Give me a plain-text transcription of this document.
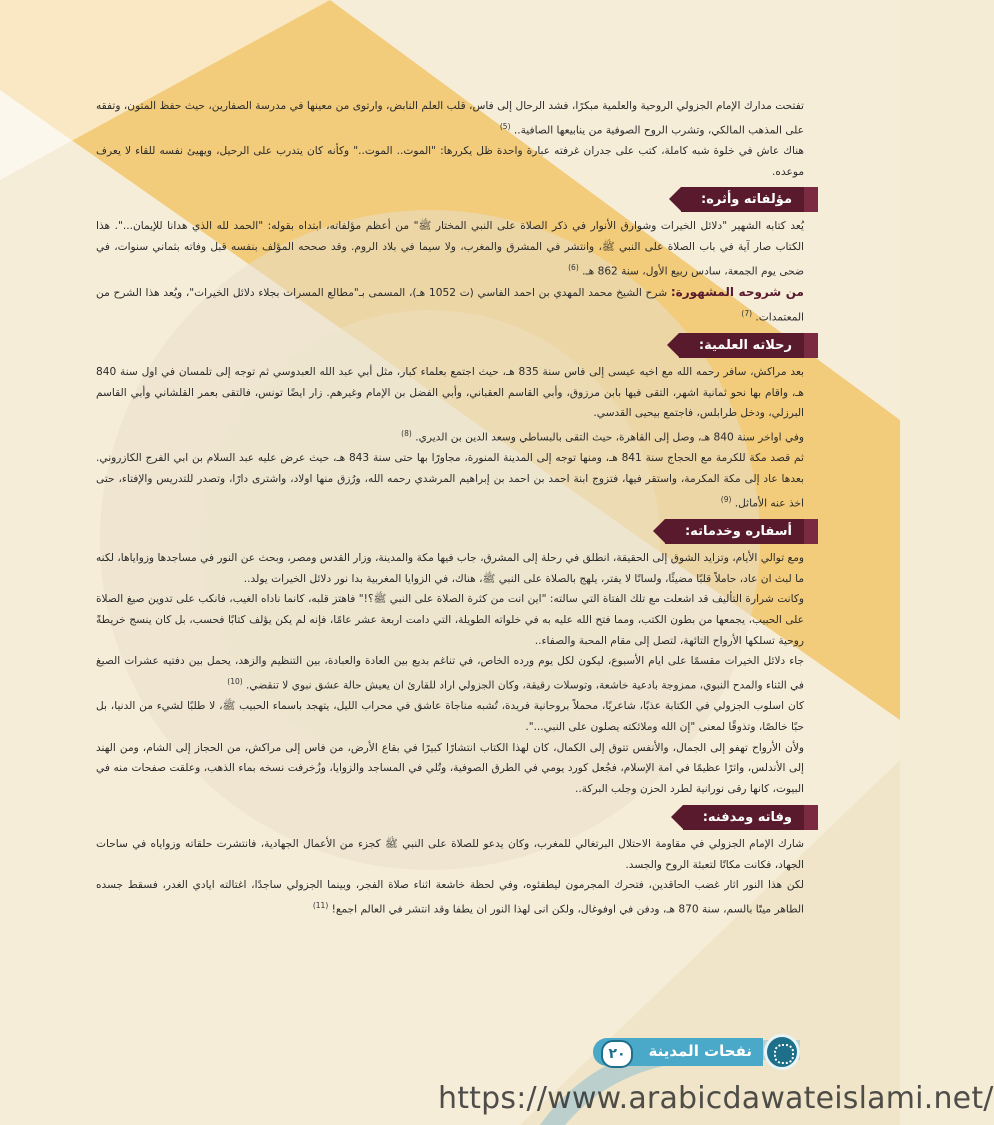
تفتحت مدارك الإمام الجزولي الروحية والعلمية مبكرًا، فشد الرحال إلى فاس، قلب العلم النابض، وارتوى من معينها في مدرسة الصفارين، حيث حفظ المتون، وتفقه على المذهب المالكي، وتشرب الروح الصوفية من ينابيعها الصافية.. $^{(5)}$

هناك عاش في خلوة شبه كاملة، كتب على جدران غرفته عبارة واحدة ظل يكررها: "الموت.. الموت.." وكأنه كان يتدرب على الرحيل، ويهيئ نفسه للقاء لا يعرف موعده.

مؤلفاته وأثره:

يُعد كتابه الشهير "دلائل الخيرات وشوارق الأنوار في ذكر الصلاة على النبي المختار ﷺ" من أعظم مؤلفاته، ابتداه بقوله: "الحمد لله الذي هدانا للإيمان...". هذا الكتاب صار آية في باب الصلاة على النبي ﷺ، وانتشر في المشرق والمغرب، ولا سيما في بلاد الروم. وقد صححه المؤلف بنفسه قبل وفاته بثماني سنوات، في ضحى يوم الجمعة، سادس ربيع الأول، سنة 862 هـ. $^{(6)}$

من شروحه المشهورة: شرح الشيخ محمد المهدي بن احمد الفاسي (ت 1052 هـ)، المسمى بـ"مطالع المسرات بجلاء دلائل الخيرات"، ويُعد هذا الشرح من المعتمدات. $^{(7)}$

رحلاته العلمية:

بعد مراكش، سافر رحمه الله مع اخيه عيسى إلى فاس سنة 835 هـ، حيث اجتمع بعلماء كبار، مثل أبي عبد الله العبدوسي ثم توجه إلى تلمسان في اول سنة 840 هـ، واقام بها نحو ثمانية اشهر، التقى فيها بابن مرزوق، وأبي القاسم العقباني، وأبي الفضل بن الإمام وغيرهم. زار ايضًا تونس، فالتقى بعمر القلشاني وأبي القاسم البرزلي، ودخل طرابلس، فاجتمع بيحيى القدسي.

وفي اواخر سنة 840 هـ، وصل إلى القاهرة، حيث التقى بالبساطي وسعد الدين بن الديري. $^{(8)}$

ثم قصد مكة للكرمة مع الحجاج سنة 841 هـ، ومنها توجه إلى المدينة المنورة، مجاورًا بها حتى سنة 843 هـ، حيث عرض عليه عبد السلام بن ابي الفرج الكازروني. بعدها عاد إلى مكة المكرمة، واستقر فيها، فتزوج ابنة احمد بن احمد بن إبراهيم المرشدي رحمه الله، ورُزق منها اولاد، واشترى دارًا، وتصدر للتدريس والإفتاء، حتى اخذ عنه الأماثل. $^{(9)}$

أسفاره وخدماته:

ومع توالي الأيام، وتزايد الشوق إلى الحقيقة، انطلق في رحلة إلى المشرق، جاب فيها مكة والمدينة، وزار القدس ومصر، وبحث عن النور في مساجدها وزواياها، لكنه ما لبث ان عاد، حاملاً قلبًا مضيئًا، ولسانًا لا يفتر، يلهج بالصلاة على النبي ﷺ، هناك، في الزوايا المغربية بدا نور دلائل الخيرات يولد..

وكانت شرارة التأليف قد اشعلت مع تلك الفتاة التي سالته: "اين انت من كثرة الصلاة على النبي ﷺ؟!" فاهتز قلبه، كانما ناداه الغيب، فانكب على تدوين صيغ الصلاة على الحبيب، يجمعها من بطون الكتب، ومما فتح الله عليه به في خلواته الطويلة، التي دامت اربعة عشر عامًا، فإنه لم يكن يؤلف كتابًا فحسب، بل كان ينسج خريطةً روحية تسلكها الأرواح التائهة، لتصل إلى مقام المحبة والصفاء..

جاء دلائل الخيرات مقسمًا على ايام الأسبوع، ليكون لكل يوم ورده الخاص، في تناغم بديع بين العادة والعبادة، بين التنظيم والزهد، يحمل بين دفتيه عشرات الصيغ في الثناء والمدح النبوي، ممزوجة بادعية خاشعة، وتوسلات رقيقة، وكان الجزولي اراد للقارئ ان يعيش حالة عشق نبوي لا تنقضي. $^{(10)}$

كان اسلوب الجزولي في الكتابة عذبًا، شاعريًا، محملاً بروحانية فريدة، تُشبه مناجاة عاشق في محراب الليل، يتهجد باسماء الحبيب ﷺ، لا طلبًا لشيء من الدنيا، بل حبًا خالصًا، وتذوقًا لمعنى "إن الله وملائكته يصلون على النبي...".

ولأن الأرواح تهفو إلى الجمال، والأنفس تتوق إلى الكمال، كان لهذا الكتاب انتشارًا كبيرًا في بقاع الأرض، من فاس إلى مراكش، من الحجاز إلى الشام، ومن الهند إلى الأندلس، واثرًا عظيمًا في امة الإسلام، فجُعل كورد يومي في الطرق الصوفية، وتُلي في المساجد والزوايا، وزُخرفت نسخه بماء الذهب، وعلقت صفحات منه في البيوت، كانها رقى نورانية لطرد الحزن وجلب البركة..

وفاته ومدفنه:

شارك الإمام الجزولي في مقاومة الاحتلال البرتغالي للمغرب، وكان يدعو للصلاة على النبي ﷺ كجزء من الأعمال الجهادية، فانتشرت حلقاته وزواياه في ساحات الجهاد، فكانت مكانًا لتعبئة الروح والجسد.

لكن هذا النور اثار غضب الحاقدين، فتحرك المجرمون ليطفئوه، وفي لحظة خاشعة اثناء صلاة الفجر، وبينما الجزولي ساجدًا، اغتالته ايادي الغدر، فسقط جسده الطاهر ميتًا بالسم، سنة 870 هـ، ودفن في اوفوغال، ولكن انى لهذا النور ان يطفا وقد انتشر في العالم اجمع! $^{(11)}$

نفحات المدينة
٢٠
https://www.arabicdawateislami.net/
